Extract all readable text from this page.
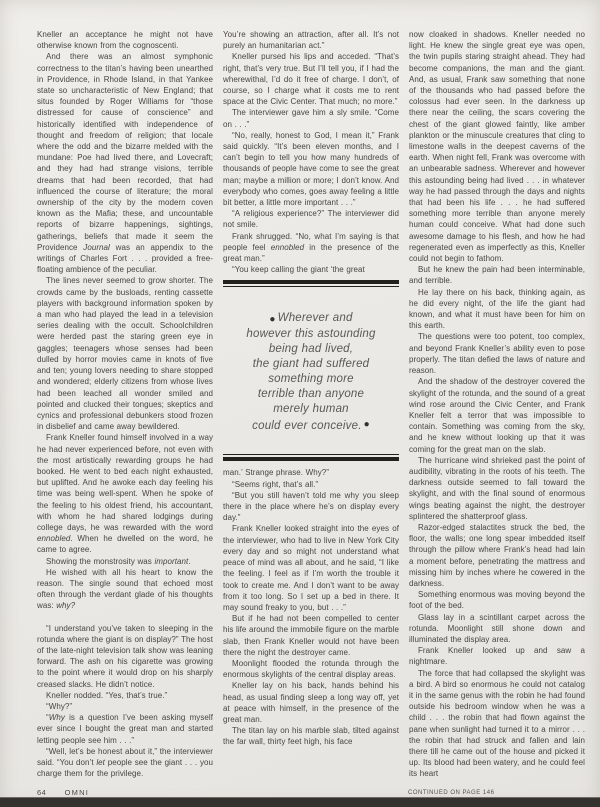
Kneller an acceptance he might not have otherwise known from the cognoscenti.

And there was an almost symphonic correctness to the titan’s having been unearthed in Providence, in Rhode Island, in that Yankee state so uncharacteristic of New England; that situs founded by Roger Williams for “those distressed for cause of conscience” and historically identified with independence of thought and freedom of religion; that locale where the odd and the bizarre melded with the mundane: Poe had lived there, and Lovecraft; and they had had strange visions, terrible dreams that had been recorded, that had influenced the course of literature; the moral ownership of the city by the modern coven known as the Mafia; these, and uncountable reports of bizarre happenings, sightings, gatherings, beliefs that made it seem the Providence Journal was an appendix to the writings of Charles Fort . . . provided a free-floating ambience of the peculiar.

The lines never seemed to grow shorter. The crowds came by the busloads, renting cassette players with background information spoken by a man who had played the lead in a television series dealing with the occult. Schoolchildren were herded past the staring green eye in gaggles; teenagers whose senses had been dulled by horror movies came in knots of five and ten; young lovers needing to share stopped and wondered; elderly citizens from whose lives had been leached all wonder smiled and pointed and clucked their tongues; skeptics and cynics and professional debunkers stood frozen in disbelief and came away bewildered.

Frank Kneller found himself involved in a way he had never experienced before, not even with the most artistically rewarding groups he had booked. He went to bed each night exhausted, but uplifted. And he awoke each day feeling his time was being well-spent. When he spoke of the feeling to his oldest friend, his accountant, with whom he had shared lodgings during college days, he was rewarded with the word ennobled. When he dwelled on the word, he came to agree.

Showing the monstrosity was important.

He wished with all his heart to know the reason. The single sound that echoed most often through the verdant glade of his thoughts was: why?

“I understand you’ve taken to sleeping in the rotunda where the giant is on display?” The host of the late-night television talk show was leaning forward. The ash on his cigarette was growing to the point where it would drop on his sharply creased slacks. He didn’t notice.

Kneller nodded. “Yes, that’s true.”

“Why?”

“Why is a question I’ve been asking myself ever since I bought the great man and started letting people see him . . .”

“Well, let’s be honest about it,” the interviewer said. “You don’t let people see the giant . . . you charge them for the privilege.

You’re showing an attraction, after all. It’s not purely an humanitarian act.”

Kneller pursed his lips and acceded. “That’s right, that’s very true. But I’ll tell you, if I had the wherewithal, I’d do it free of charge. I don’t, of course, so I charge what it costs me to rent space at the Civic Center. That much; no more.”

The interviewer gave him a sly smile. “Come on . . .”

“No, really, honest to God, I mean it,” Frank said quickly. “It’s been eleven months, and I can’t begin to tell you how many hundreds of thousands of people have come to see the great man; maybe a million or more; I don’t know. And everybody who comes, goes away feeling a little bit better, a little more important . . .”

“A religious experience?” The interviewer did not smile.

Frank shrugged. “No, what I’m saying is that people feel ennobled in the presence of the great man.”

“You keep calling the giant ‘the great

● Wherever and
however this astounding
being had lived,
the giant had suffered
something more
terrible than anyone
merely human
could ever conceive. ●

man.’ Strange phrase. Why?”

“Seems right, that’s all.”

“But you still haven’t told me why you sleep there in the place where he’s on display every day.”

Frank Kneller looked straight into the eyes of the interviewer, who had to live in New York City every day and so might not understand what peace of mind was all about, and he said, “I like the feeling. I feel as if I’m worth the trouble it took to create me. And I don’t want to be away from it too long. So I set up a bed in there. It may sound freaky to you, but . . .”

But if he had not been compelled to center his life around the immobile figure on the marble slab, then Frank Kneller would not have been there the night the destroyer came.

Moonlight flooded the rotunda through the enormous skylights of the central display areas.

Kneller lay on his back, hands behind his head, as usual finding sleep a long way off, yet at peace with himself, in the presence of the great man.

The titan lay on his marble slab, tilted against the far wall, thirty feet high, his face

now cloaked in shadows. Kneller needed no light. He knew the single great eye was open, the twin pupils staring straight ahead. They had become companions, the man and the giant. And, as usual, Frank saw something that none of the thousands who had passed before the colossus had ever seen. In the darkness up there near the ceiling, the scars covering the chest of the giant glowed faintly, like amber plankton or the minuscule creatures that cling to limestone walls in the deepest caverns of the earth. When night fell, Frank was overcome with an unbearable sadness. Wherever and however this astounding being had lived . . . in whatever way he had passed through the days and nights that had been his life . . . he had suffered something more terrible than anyone merely human could conceive. What had done such awesome damage to his flesh, and how he had regenerated even as imperfectly as this, Kneller could not begin to fathom.

But he knew the pain had been interminable, and terrible.

He lay there on his back, thinking again, as he did every night, of the life the giant had known, and what it must have been for him on this earth.

The questions were too potent, too complex, and beyond Frank Kneller’s ability even to pose properly. The titan defied the laws of nature and reason.

And the shadow of the destroyer covered the skylight of the rotunda, and the sound of a great wind rose around the Civic Center, and Frank Kneller felt a terror that was impossible to contain. Something was coming from the sky, and he knew without looking up that it was coming for the great man on the slab.

The hurricane wind shrieked past the point of audibility, vibrating in the roots of his teeth. The darkness outside seemed to fall toward the skylight, and with the final sound of enormous wings beating against the night, the destroyer splintered the shatterproof glass.

Razor-edged stalactites struck the bed, the floor, the walls; one long spear imbedded itself through the pillow where Frank’s head had lain a moment before, penetrating the mattress and missing him by inches where he cowered in the darkness.

Something enormous was moving beyond the foot of the bed.

Glass lay in a scintillant carpet across the rotunda. Moonlight still shone down and illuminated the display area.

Frank Kneller looked up and saw a nightmare.

The force that had collapsed the skylight was a bird. A bird so enormous he could not catalog it in the same genus with the robin he had found outside his bedroom window when he was a child . . . the robin that had flown against the pane when sunlight had turned it to a mirror . . . the robin that had struck and fallen and lain there till he came out of the house and picked it up. Its blood had been watery, and he could feel its heart

64 OMNI	CONTINUED ON PAGE 146
